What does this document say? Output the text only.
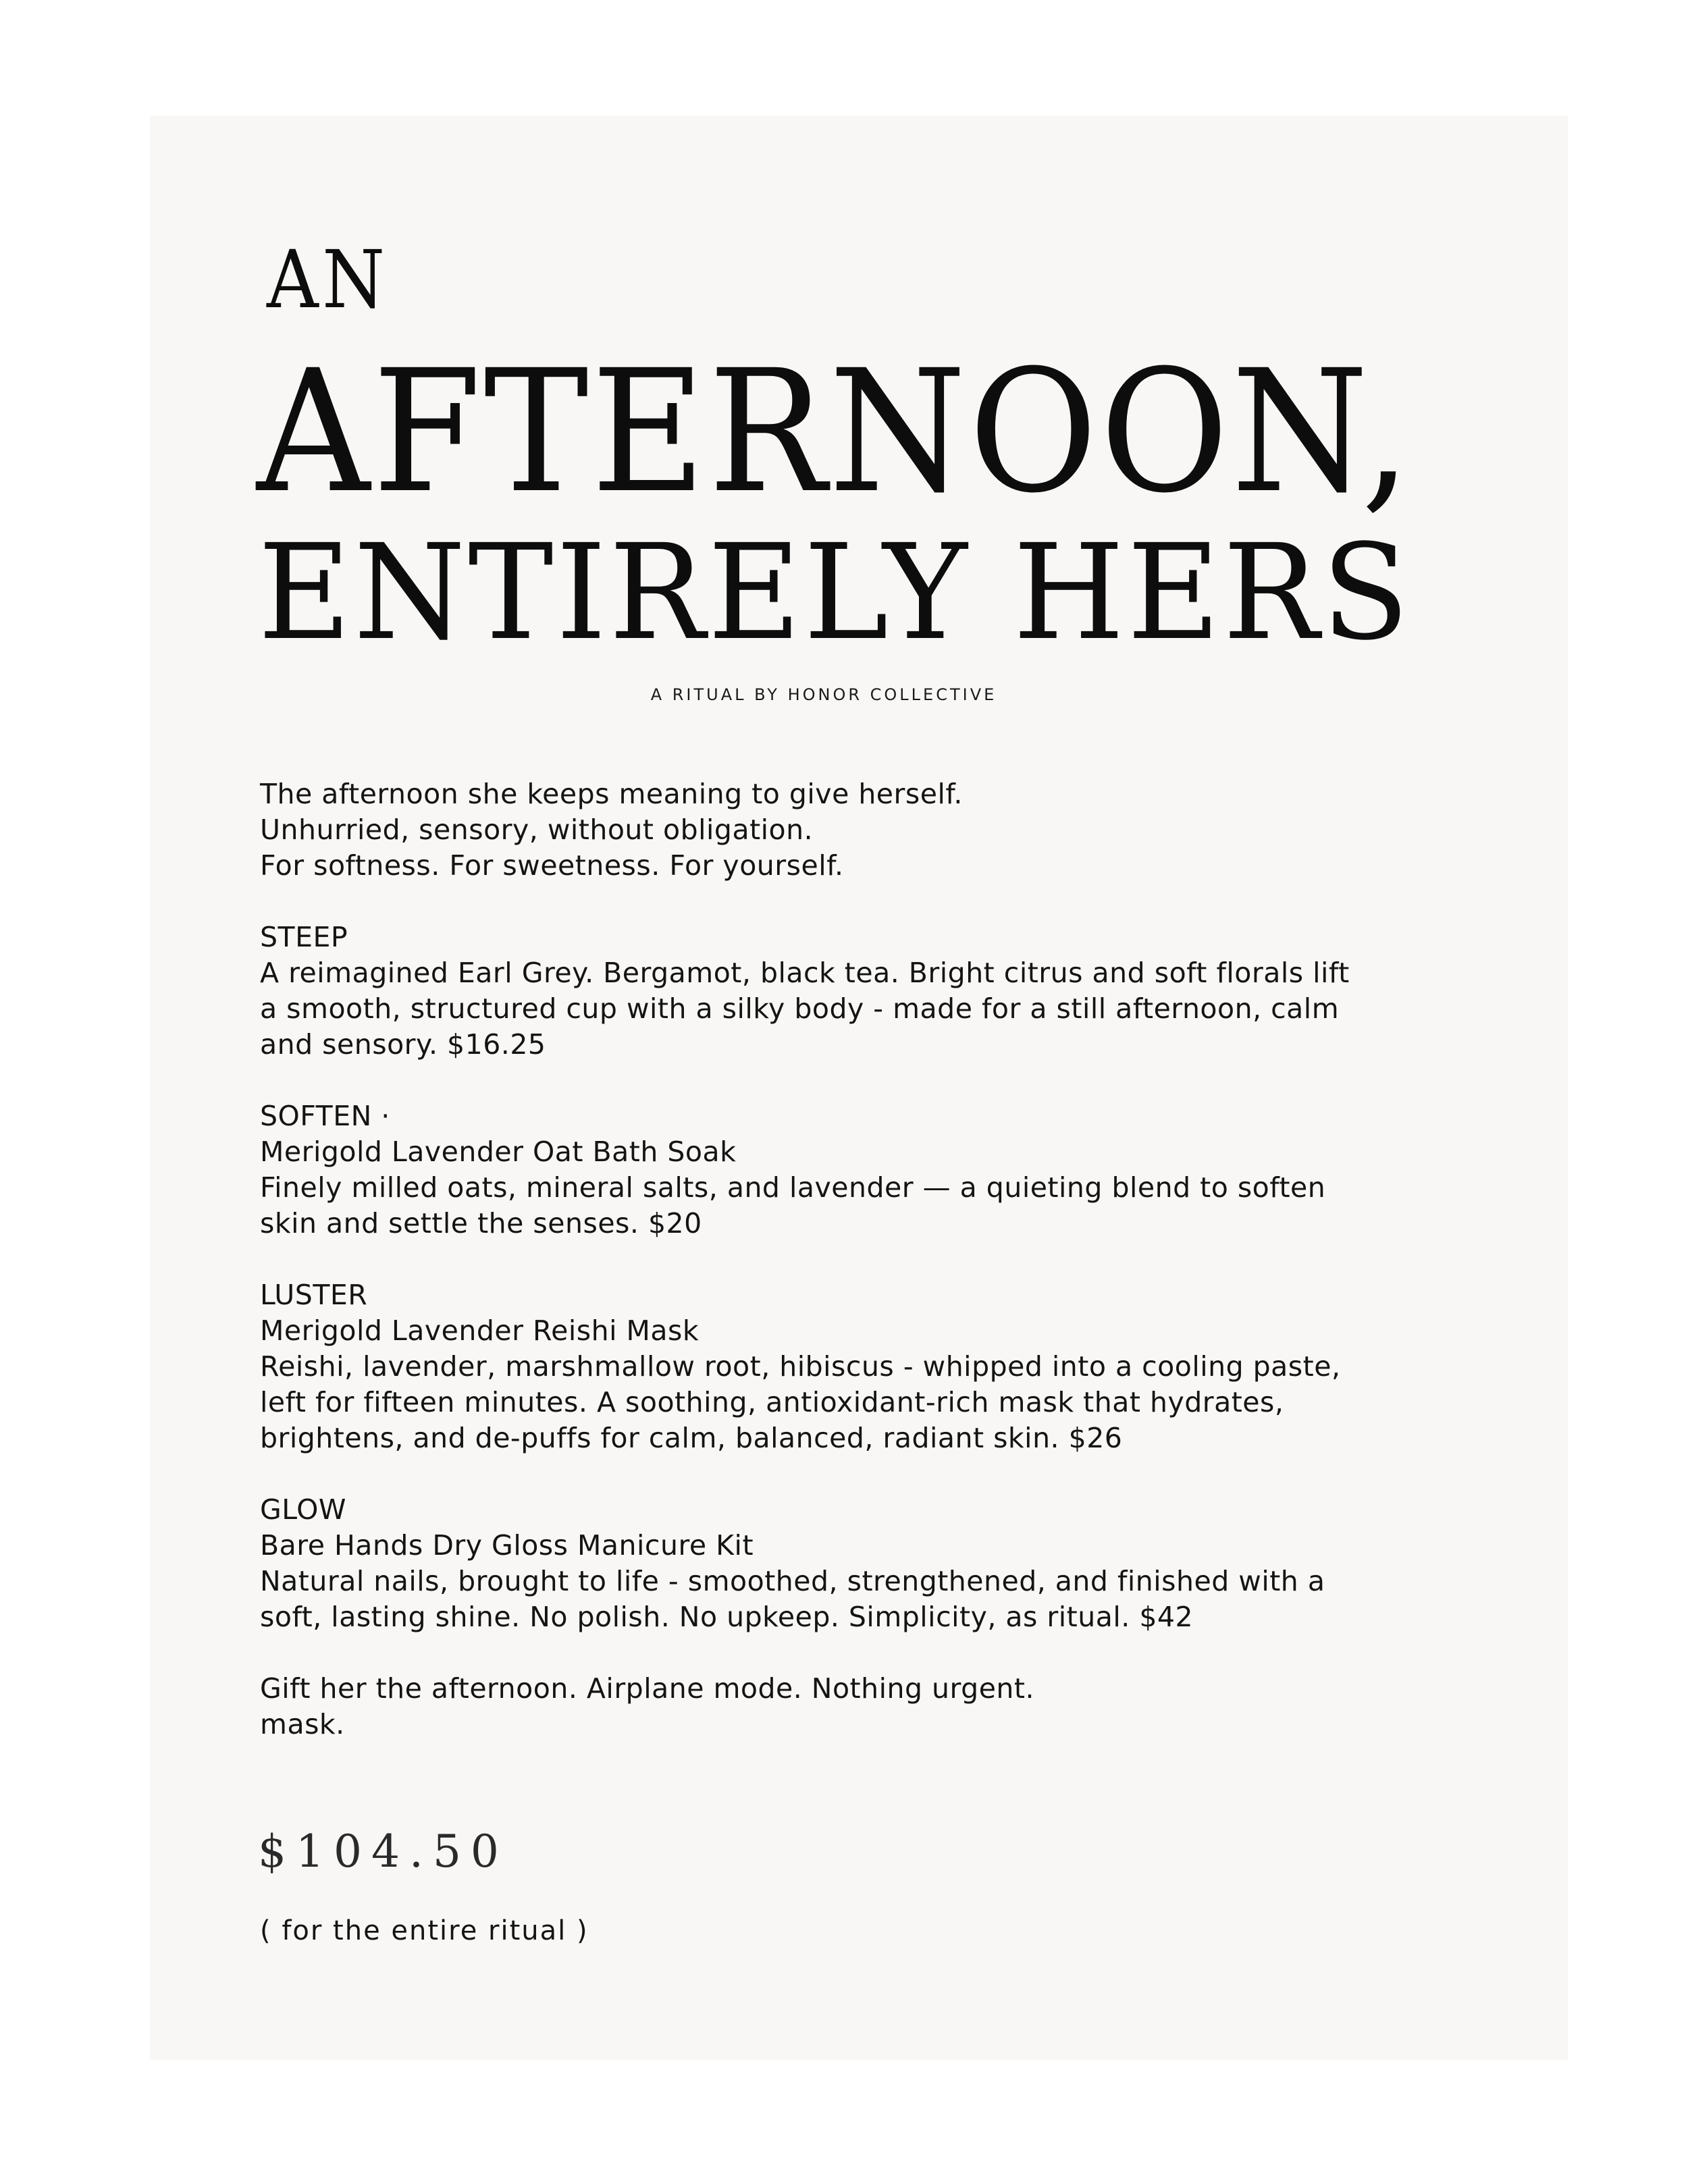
AN
AFTERNOON,
ENTIRELY HERS
A RITUAL BY HONOR COLLECTIVE
The afternoon she keeps meaning to give herself.
Unhurried, sensory, without obligation.
For softness. For sweetness. For yourself.
STEEP
A reimagined Earl Grey. Bergamot, black tea. Bright citrus and soft florals lift
a smooth, structured cup with a silky body - made for a still afternoon, calm
and sensory. $16.25
SOFTEN ·
Merigold Lavender Oat Bath Soak
Finely milled oats, mineral salts, and lavender — a quieting blend to soften
skin and settle the senses. $20
LUSTER
Merigold Lavender Reishi Mask
Reishi, lavender, marshmallow root, hibiscus - whipped into a cooling paste,
left for fifteen minutes. A soothing, antioxidant-rich mask that hydrates,
brightens, and de-puffs for calm, balanced, radiant skin. $26
GLOW
Bare Hands Dry Gloss Manicure Kit
Natural nails, brought to life - smoothed, strengthened, and finished with a
soft, lasting shine. No polish. No upkeep. Simplicity, as ritual. $42
Gift her the afternoon. Airplane mode. Nothing urgent.
mask.
$104.50
( for the entire ritual )
